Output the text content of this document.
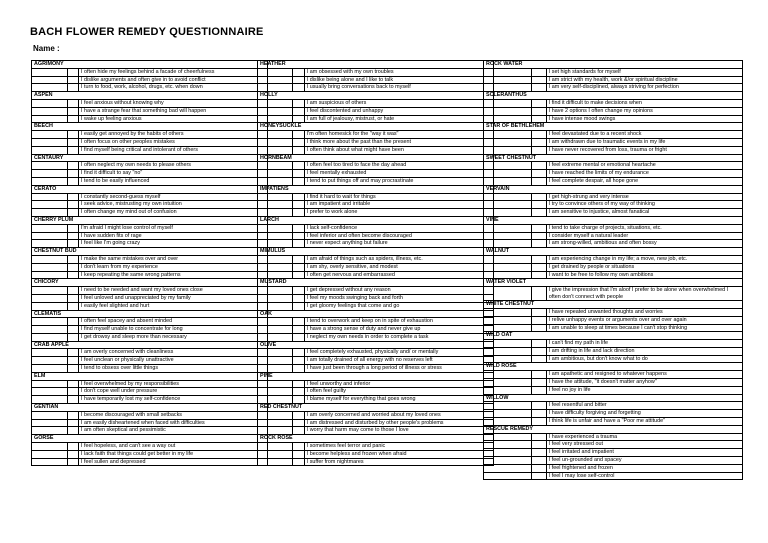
BACH FLOWER REMEDY QUESTIONNAIRE
Name :
AGRIMONY		

	I often hide my feelings behind a facade of cheerfulness

	I dislike arguments and often give in to avoid conflict

	I turn to food, work, alcohol, drugs, etc. when down
ASPEN		

	I feel anxious without knowing why

	I have a strange fear that something bad will happen

	I wake up feeling anxious
BEECH		

	I easily get annoyed by the habits of others

	I often focus on other peoples mistakes

	I find myself being critical and intolerant of others
CENTAURY		

	I often neglect my own needs to please others

	I find it difficult to say "no"

	I tend to be easily influenced
CERATO		

	I constantly second-guess myself

	I seek advice, mistrusting my own intuition

	I often change my mind out of confusion
CHERRY PLUM		

	I'm afraid I might lose control of myself

	I have sudden fits of rage

	I feel like I'm going crazy
CHESTNUT BUD		

	I make the same mistakes over and over

	I don't learn from my experience

	I keep repeating the same wrong patterns
CHICORY		

	I need to be needed and want my loved ones close

	I feel unloved and unappreciated by my family

	I easily feel slighted and hurt
CLEMATIS		

	I often feel spacey and absent minded

	I find myself unable to concentrate for long

	I get drowsy and sleep more than necessary
CRAB APPLE		

	I am overly concerned with cleanliness

	I feel unclean or physically unattractive

	I tend to obsess over little things
ELM		

	I feel overwhelmed by my responsibilities

	I don't cope well under pressure

	I have temporarily lost my self-confidence
GENTIAN		

	I become discouraged with small setbacks

	I am easily disheartened when faced with difficulties

	I am often skeptical and pessimistic
GORSE		

	I feel hopeless, and can't see a way out

	I lack faith that things could get better in my life

	I feel sullen and depressed
HEATHER		

	I am obsessed with my own troubles

	I dislike being alone and I like to talk

	I usually bring conversations back to myself
HOLLY		

	I am suspicious of others

	I feel discontented and unhappy

	I am full of jealousy, mistrust, or hate
HONEYSUCKLE		

	I'm often homesick for the "way it was"

	I think more about the past than the present

	I often think about what might have been
HORNBEAM		

	I often feel too tired to face the day ahead

	I feel mentally exhausted

	I tend to put things off and may procrastinate
IMPATIENS		

	I find it hard to wait for things

	I am impatient and irritable

	I prefer to work alone
LARCH		

	I lack self-confidence

	I feel inferior and often become discouraged

	I never expect anything but failure
MIMULUS		

	I am afraid of things such as spiders, illness, etc.

	I am shy, overly sensitive, and modest

	I often get nervous and embarrassed
MUSTARD		

	I get depressed without any reason

	I feel my moods swinging back and forth

	I get gloomy feelings that come and go
OAK		

	I tend to overwork and keep on in spite of exhaustion

	I have a strong sense of duty and never give up

	I neglect my own needs in order to complete a task
OLIVE		

	I feel completely exhausted, physically and/ or mentally

	I am totally drained of all energy with no reserves left

	I have just been through a long period of illness or stress
PINE		

	I feel unworthy and inferior

	I often feel guilty

	I blame myself for everything that goes wrong
RED CHESTNUT		

	I am overly concerned and worried about my loved ones

	I am distressed and disturbed by other people's problems

	I worry that harm may come to those I love
ROCK ROSE		

	I sometimes feel terror and panic

	I become helpless and frozen when afraid

	I suffer from nightmares
ROCK WATER		

	I set high standards for myself

	I am strict with my health, work &/or spiritual discipline

	I am very self-disciplined, always striving for perfection
SCLERANTHUS		

	I find it difficult to make decisions when

	I have 2 options I often change my opinions

	I have intense mood swings
STAR OF BETHLEHEM		

	I feel devastated due to a recent shock

	I am withdrawn due to traumatic events in my life

	I have never recovered from loss, trauma or fright
SWEET CHESTNUT		

	I feel extreme mental or emotional heartache

	I have reached the limits of my endurance

	I feel complete despair, all hope gone
VERVAIN		

	I get high-strung and very intense

	I try to convince others of my way of thinking

	I am sensitive to injustice, almost fanatical
VINE		

	I tend to take charge of projects, situations, etc.

	I consider myself a natural leader

	I am strong-willed, ambitious and often bossy
WALNUT		

	I am experiencing change in my life; a move, new job, etc.

	I get drained by people or situations

	I want to be free to follow my own ambitions
WATER VIOLET		

	I give the impression that I'm aloof I prefer to be alone when overwhelmed I often don't connect with people
WHITE CHESTNUT		

	I have repeated unwanted thoughts and worries

	I relive unhappy events or arguments over and over again

	I am unable to sleep at times because I can't stop thinking
WILD OAT		

	I can't find my path in life

	I am drifting in life and lack direction

	I am ambitious, but don't know what to do
WILD ROSE		

	I am apathetic and resigned to whatever happens

	I have the attitude, "it doesn't matter anyhow"

	I feel no joy in life
WILLOW		

	I feel resentful and bitter

	I have difficulty forgiving and forgetting

	I think life is unfair and have a "Poor me attitude"
RESCUE REMEDY		

	I have experienced a trauma

	I feel very stressed out

	I feel irritated and impatient

	I feel un-grounded and spacey

	I feel frightened and frozen

	I feel I may lose self-control
